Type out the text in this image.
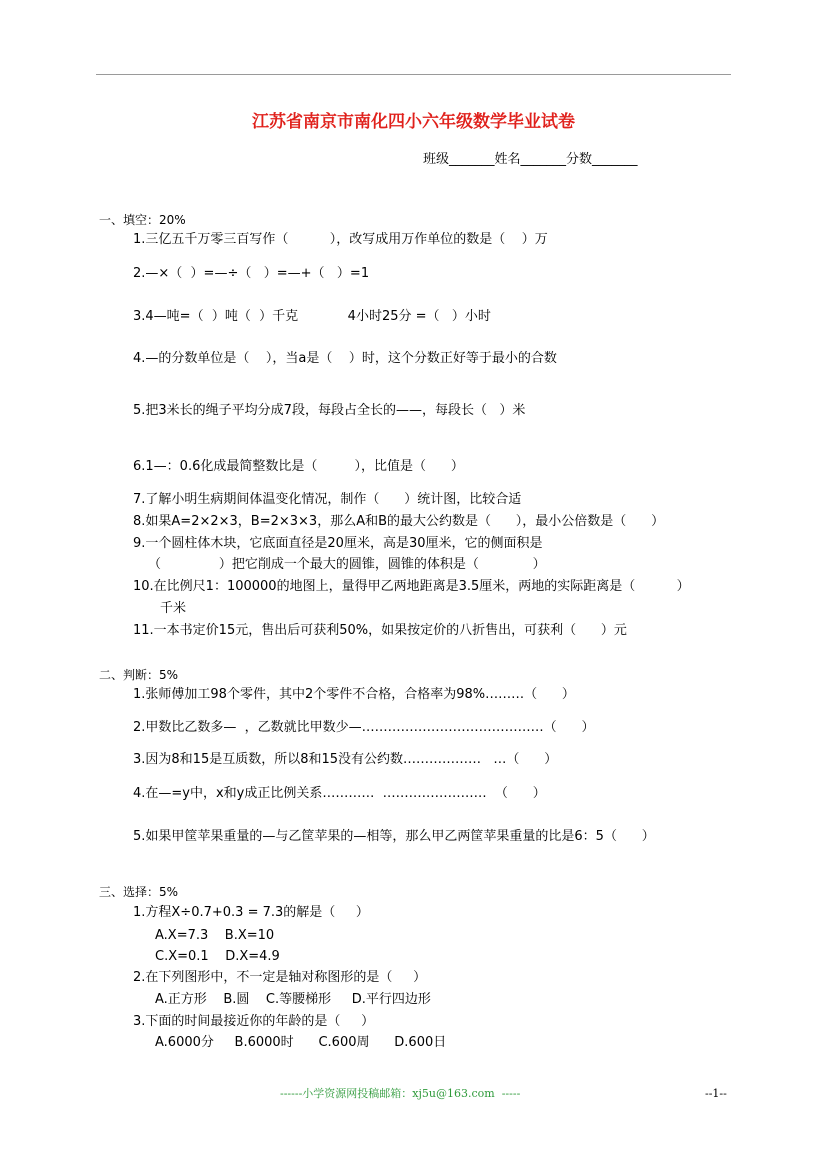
江苏省南京市南化四小六年级数学毕业试卷
班级_______姓名_______分数_______
一、填空：20%
1.三亿五千万零三百写作（          ），改写成用万作单位的数是（    ）万
2.—×（  ）=—÷（   ）=—+（   ）=1
3.4—吨=（  ）吨（  ）千克            4小时25分 =（   ）小时
4.—的分数单位是（    ），当a是（    ）时，这个分数正好等于最小的合数
5.把3米长的绳子平均分成7段，每段占全长的——，每段长（   ）米
6.1—：0.6化成最简整数比是（         ），比值是（      ）
7.了解小明生病期间体温变化情况，制作（      ）统计图，比较合适
8.如果A=2×2×3，B=2×3×3，那么A和B的最大公约数是（      ），最小公倍数是（      ）
9.一个圆柱体木块，它底面直径是20厘米，高是30厘米，它的侧面积是
（              ）把它削成一个最大的圆锥，圆锥的体积是（             ）
10.在比例尺1：100000的地图上，量得甲乙两地距离是3.5厘米，两地的实际距离是（          ）
千米
11.一本书定价15元，售出后可获利50%，如果按定价的八折售出，可获利（      ）元
二、判断：5%
1.张师傅加工98个零件，其中2个零件不合格，合格率为98%………（      ）
2.甲数比乙数多—  ，乙数就比甲数少—……………………………………（      ）
3.因为8和15是互质数，所以8和15没有公约数………………   …（      ）
4.在—=y中，x和y成正比例关系…………  ……………………  （      ）
5.如果甲筐苹果重量的—与乙筐苹果的—相等，那么甲乙两筐苹果重量的比是6：5（      ）
三、选择：5%
1.方程X÷0.7+0.3 = 7.3的解是（     ）
A.X=7.3    B.X=10
C.X=0.1    D.X=4.9
2.在下列图形中，不一定是轴对称图形的是（     ）
A.正方形    B.圆    C.等腰梯形     D.平行四边形
3.下面的时间最接近你的年龄的是（     ）
A.6000分     B.6000时      C.600周      D.600日
------小学资源网投稿邮箱：xj5u@163.com  -----	--1--
